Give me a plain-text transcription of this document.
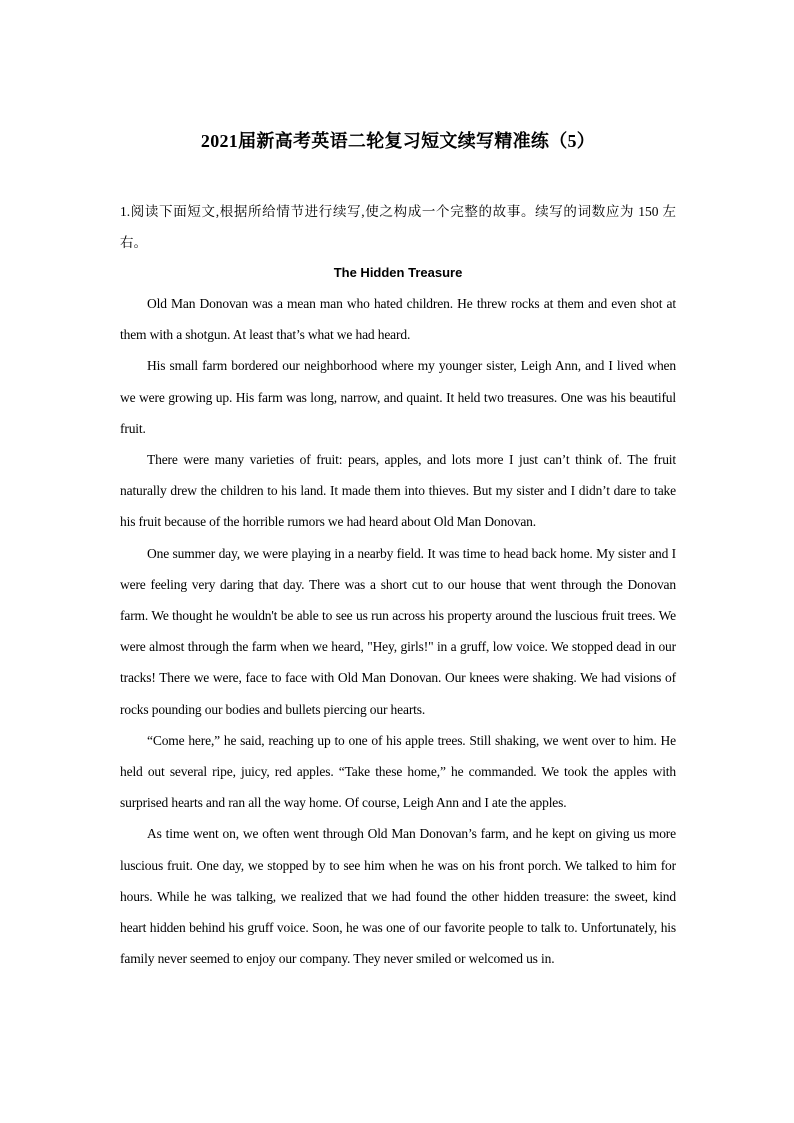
2021届新高考英语二轮复习短文续写精准练（5）

1.阅读下面短文,根据所给情节进行续写,使之构成一个完整的故事。续写的词数应为 150 左右。

The Hidden Treasure

Old Man Donovan was a mean man who hated children. He threw rocks at them and even shot at them with a shotgun. At least that’s what we had heard.

His small farm bordered our neighborhood where my younger sister, Leigh Ann, and I lived when we were growing up. His farm was long, narrow, and quaint. It held two treasures. One was his beautiful fruit.

There were many varieties of fruit: pears, apples, and lots more I just can’t think of. The fruit naturally drew the children to his land. It made them into thieves. But my sister and I didn’t dare to take his fruit because of the horrible rumors we had heard about Old Man Donovan.

One summer day, we were playing in a nearby field. It was time to head back home. My sister and I were feeling very daring that day. There was a short cut to our house that went through the Donovan farm. We thought he wouldn't be able to see us run across his property around the luscious fruit trees. We were almost through the farm when we heard, "Hey, girls!" in a gruff, low voice. We stopped dead in our tracks! There we were, face to face with Old Man Donovan. Our knees were shaking. We had visions of rocks pounding our bodies and bullets piercing our hearts.

“Come here,” he said, reaching up to one of his apple trees. Still shaking, we went over to him. He held out several ripe, juicy, red apples. “Take these home,” he commanded. We took the apples with surprised hearts and ran all the way home. Of course, Leigh Ann and I ate the apples.

As time went on, we often went through Old Man Donovan’s farm, and he kept on giving us more luscious fruit. One day, we stopped by to see him when he was on his front porch. We talked to him for hours. While he was talking, we realized that we had found the other hidden treasure: the sweet, kind heart hidden behind his gruff voice. Soon, he was one of our favorite people to talk to. Unfortunately, his family never seemed to enjoy our company. They never smiled or welcomed us in.
